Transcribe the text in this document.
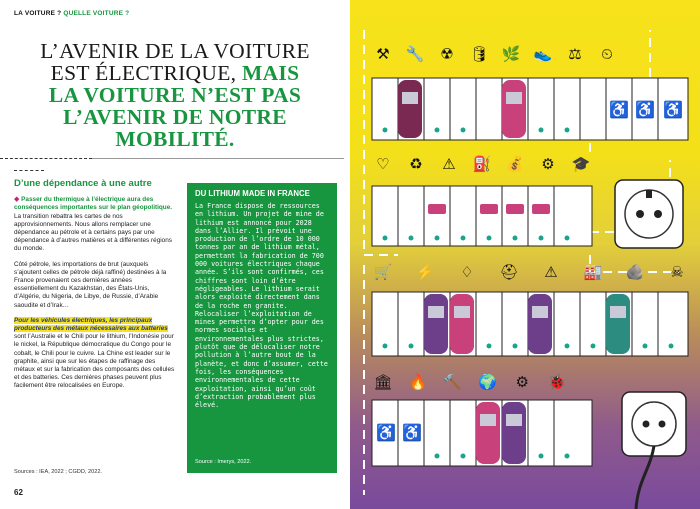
LA VOITURE ? QUELLE VOITURE ?
L’AVENIR DE LA VOITURE
EST ÉLECTRIQUE, MAIS
LA VOITURE N’EST PAS
L’AVENIR DE NOTRE
MOBILITÉ.
D’une dépendance à une autre

◆ Passer du thermique à l’électrique aura des conséquences importantes sur le plan géopolitique. La transition rebattra les cartes de nos approvisionnements. Nous allons remplacer une dépendance au pétrole et à certains pays par une dépendance à d’autres matières et à différentes régions du monde.

Côté pétrole, les importations de brut (auxquels s’ajoutent celles de pétrole déjà raffiné) destinées à la France provenaient ces dernières années essentiellement du Kazakhstan, des États-Unis, d’Algérie, du Nigeria, de Libye, de Russie, d’Arabie saoudite et d’Irak…

Pour les véhicules électriques, les principaux producteurs des métaux nécessaires aux batteries sont l’Australie et le Chili pour le lithium, l’Indonésie pour le nickel, la République démocratique du Congo pour le cobalt, le Chili pour le cuivre. La Chine est leader sur le graphite, ainsi que sur les étapes de raffinage des métaux et sur la fabrication des composants des cellules et des batteries. Ces dernières phases peuvent plus facilement être relocalisées en Europe.

Sources : IEA, 2022 ; CGDD, 2022.
62
DU LITHIUM MADE IN FRANCE
La France dispose de ressources en lithium. Un projet de mine de lithium est annoncé pour 2028 dans l’Allier. Il prévoit une production de l’ordre de 10 000 tonnes par an de lithium métal, permettant la fabrication de 700 000 voitures électriques chaque année. S’ils sont confirmés, ces chiffres sont loin d’être négligeables. Le lithium serait alors exploité directement dans de la roche en granite. Relocaliser l’exploitation de mines permettra d’opter pour des normes sociales et environnementales plus strictes, plutôt que de délocaliser notre pollution à l’autre bout de la planète, et donc d’assumer, cette fois, les conséquences environnementales de cette exploitation, ainsi qu’un coût d’extraction probablement plus élevé.
Source : Imerys, 2022.
♿ ♿ ♿
♿ ♿
⚒ 🔧 ☢ 🛢 🌿 👟 ⚖	⏲
♡ ♻ ⚠ ⛽ 💰 ⚙ 🎓
🛒 ⚡ ♢ ⛑ ⚠ 🏭 🪨 ☠
🏛 🔥 🔨 🌍 ⚙ 🐞
